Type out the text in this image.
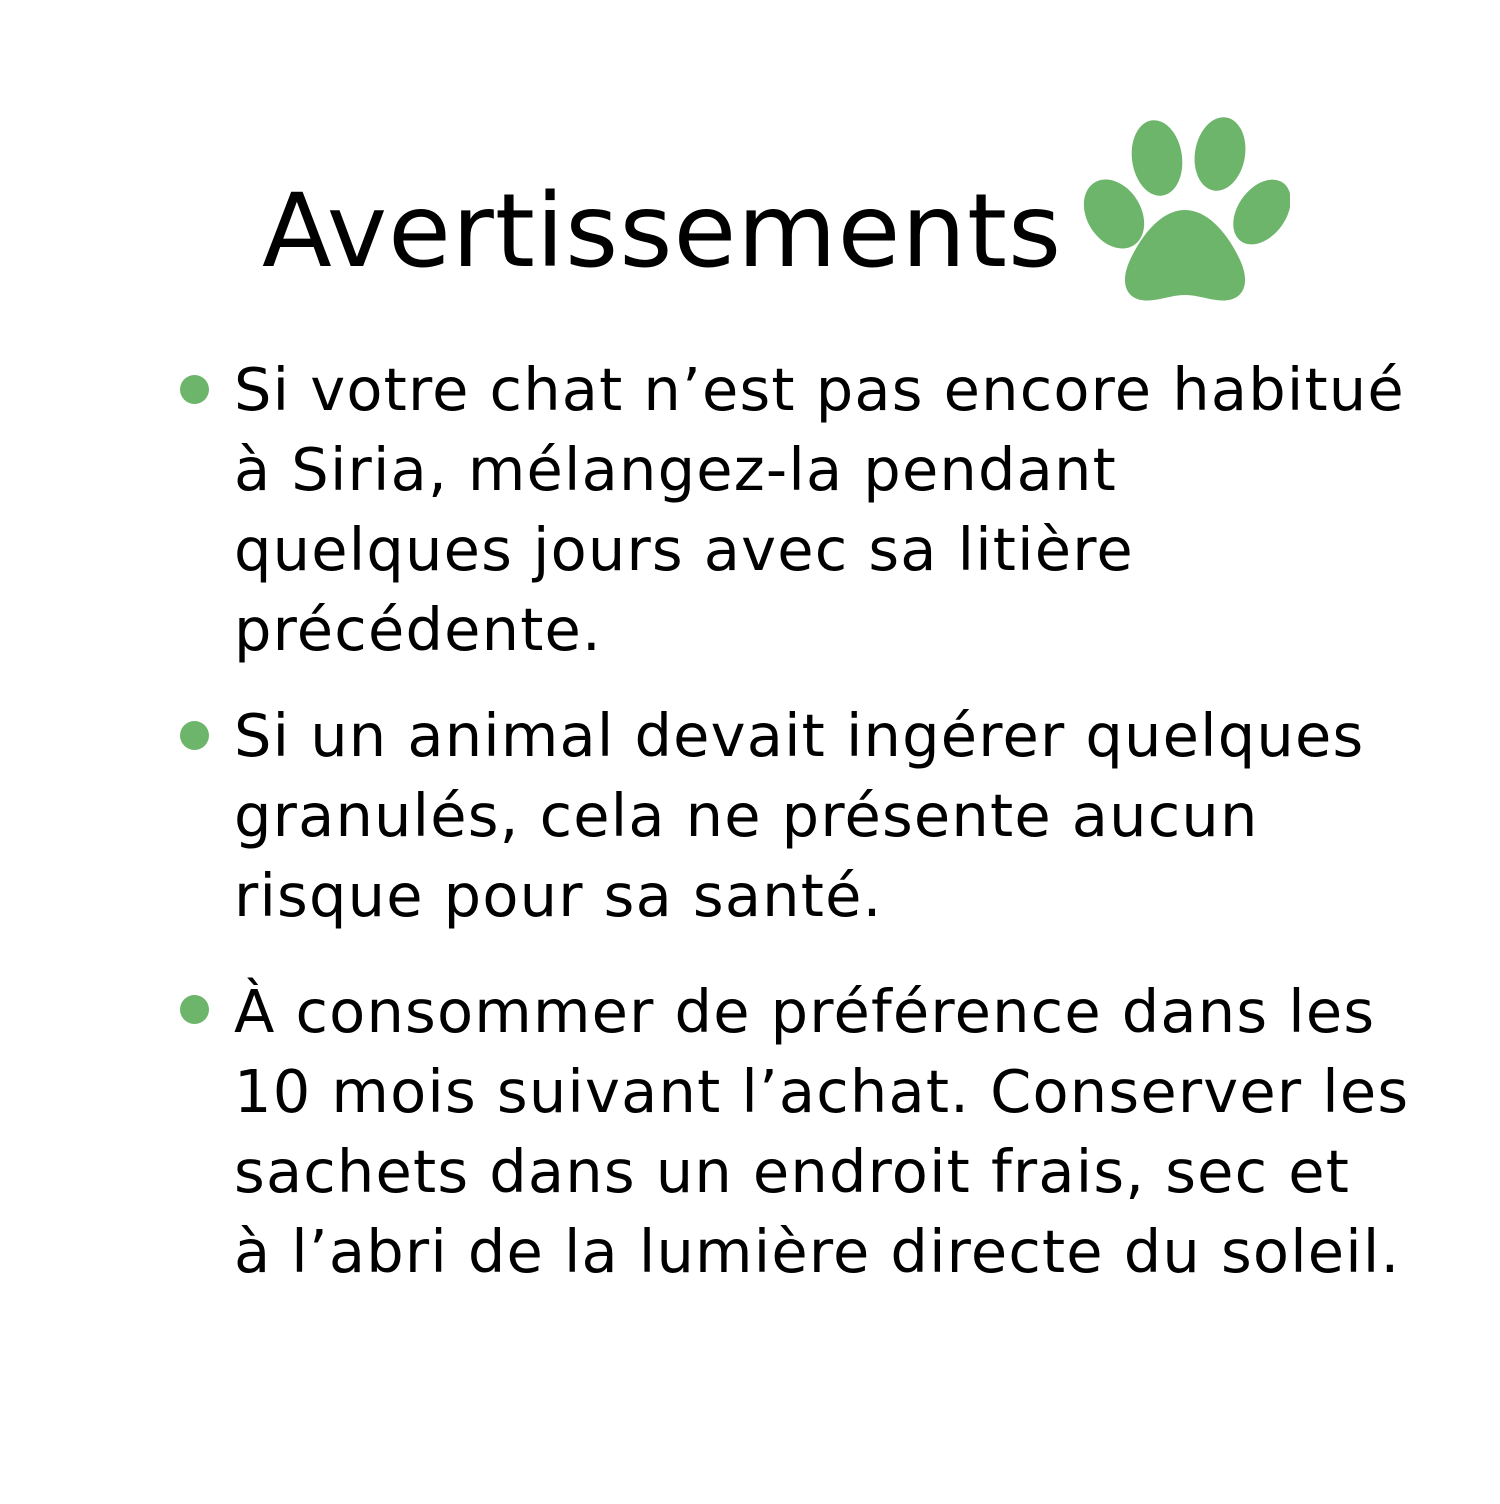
Avertissements
Si votre chat n’est pas encore habitué
à Siria, mélangez-la pendant
quelques jours avec sa litière
précédente.
Si un animal devait ingérer quelques
granulés, cela ne présente aucun
risque pour sa santé.
À consommer de préférence dans les
10 mois suivant l’achat. Conserver les
sachets dans un endroit frais, sec et
à l’abri de la lumière directe du soleil.
